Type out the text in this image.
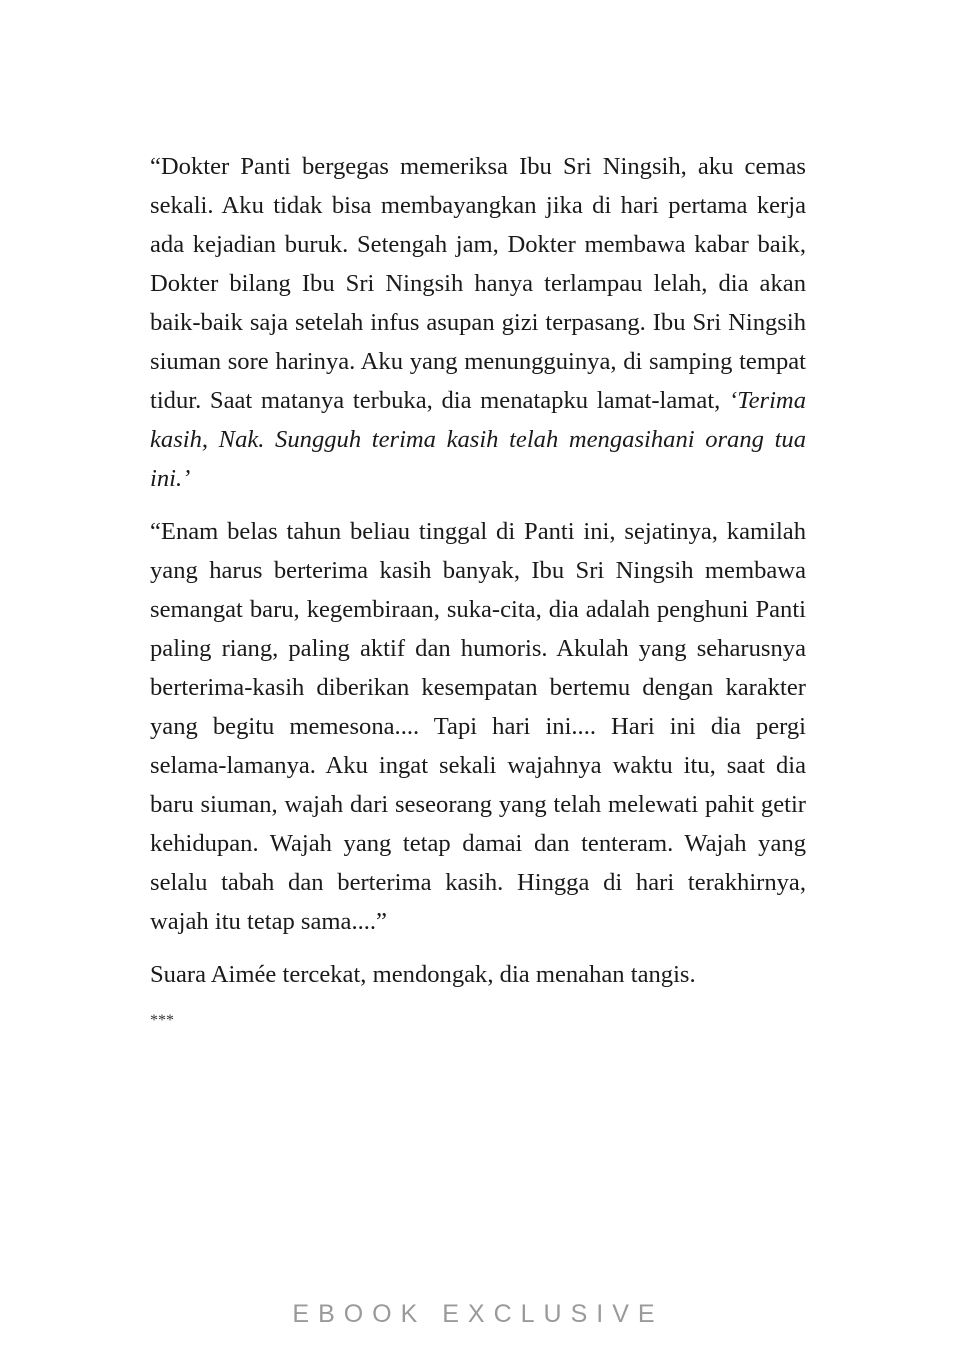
“Dokter Panti bergegas memeriksa Ibu Sri Ningsih, aku cemas sekali. Aku tidak bisa membayangkan jika di hari pertama kerja ada kejadian buruk. Setengah jam, Dokter membawa kabar baik, Dokter bilang Ibu Sri Ningsih hanya terlampau lelah, dia akan baik-baik saja setelah infus asupan gizi terpasang. Ibu Sri Ningsih siuman sore harinya. Aku yang menungguinya, di samping tempat tidur. Saat matanya terbuka, dia menatapku lamat-lamat, ‘Terima kasih, Nak. Sungguh terima kasih telah mengasihani orang tua ini.’

“Enam belas tahun beliau tinggal di Panti ini, sejatinya, kamilah yang harus berterima kasih banyak, Ibu Sri Ningsih membawa semangat baru, kegembiraan, suka-cita, dia adalah penghuni Panti paling riang, paling aktif dan humoris. Akulah yang seharusnya berterima-kasih diberikan kesempatan bertemu dengan karakter yang begitu memesona.... Tapi hari ini.... Hari ini dia pergi selama-lamanya. Aku ingat sekali wajahnya waktu itu, saat dia baru siuman, wajah dari seseorang yang telah melewati pahit getir kehidupan. Wajah yang tetap damai dan tenteram. Wajah yang selalu tabah dan berterima kasih. Hingga di hari terakhirnya, wajah itu tetap sama....”

Suara Aimée tercekat, mendongak, dia menahan tangis.

***
EBOOK EXCLUSIVE
